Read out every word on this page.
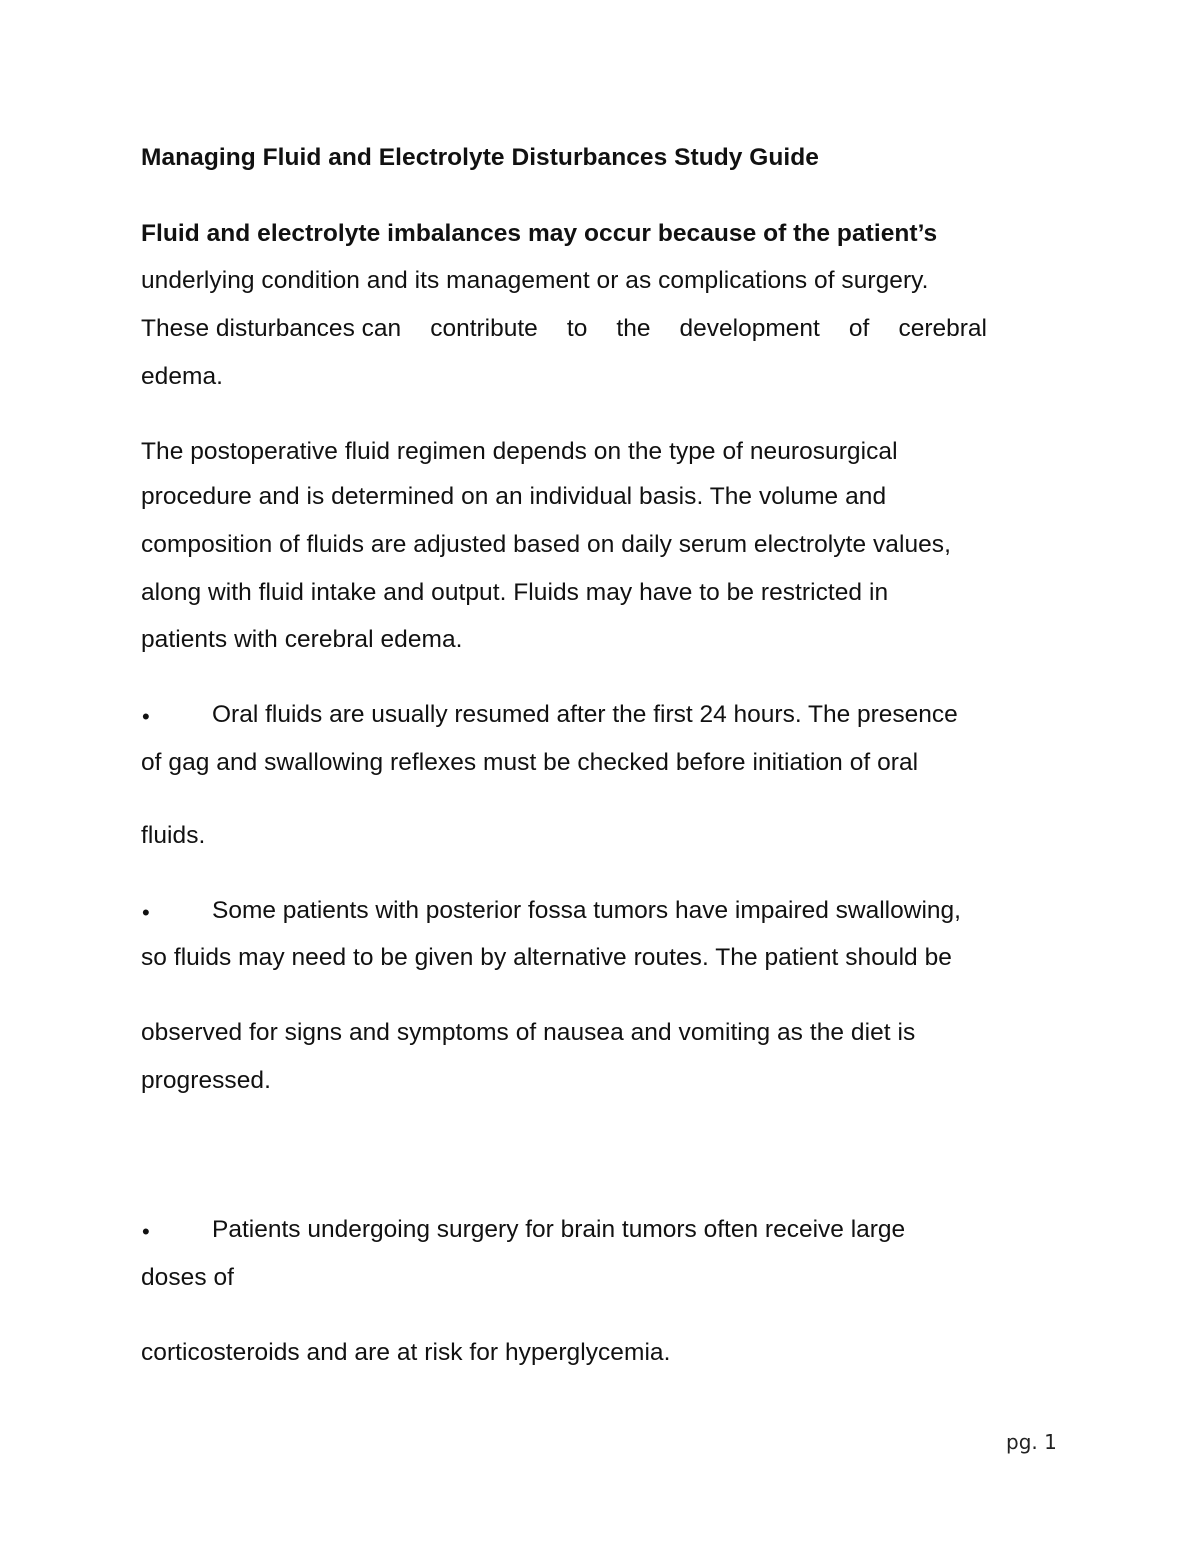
Managing Fluid and Electrolyte Disturbances Study Guide
Fluid and electrolyte imbalances may occur because of the patient’s
underlying condition and its management or as complications of surgery.
These disturbances can contribute to the development of cerebral
edema.
The postoperative fluid regimen depends on the type of neurosurgical
procedure and is determined on an individual basis. The volume and
composition of fluids are adjusted based on daily serum electrolyte values,
along with fluid intake and output. Fluids may have to be restricted in
patients with cerebral edema.
•	Oral fluids are usually resumed after the first 24 hours. The presence
of gag and swallowing reflexes must be checked before initiation of oral
fluids.
•	Some patients with posterior fossa tumors have impaired swallowing,
so fluids may need to be given by alternative routes. The patient should be
observed for signs and symptoms of nausea and vomiting as the diet is
progressed.
•	Patients undergoing surgery for brain tumors often receive large
doses of
corticosteroids and are at risk for hyperglycemia.
pg. 1
